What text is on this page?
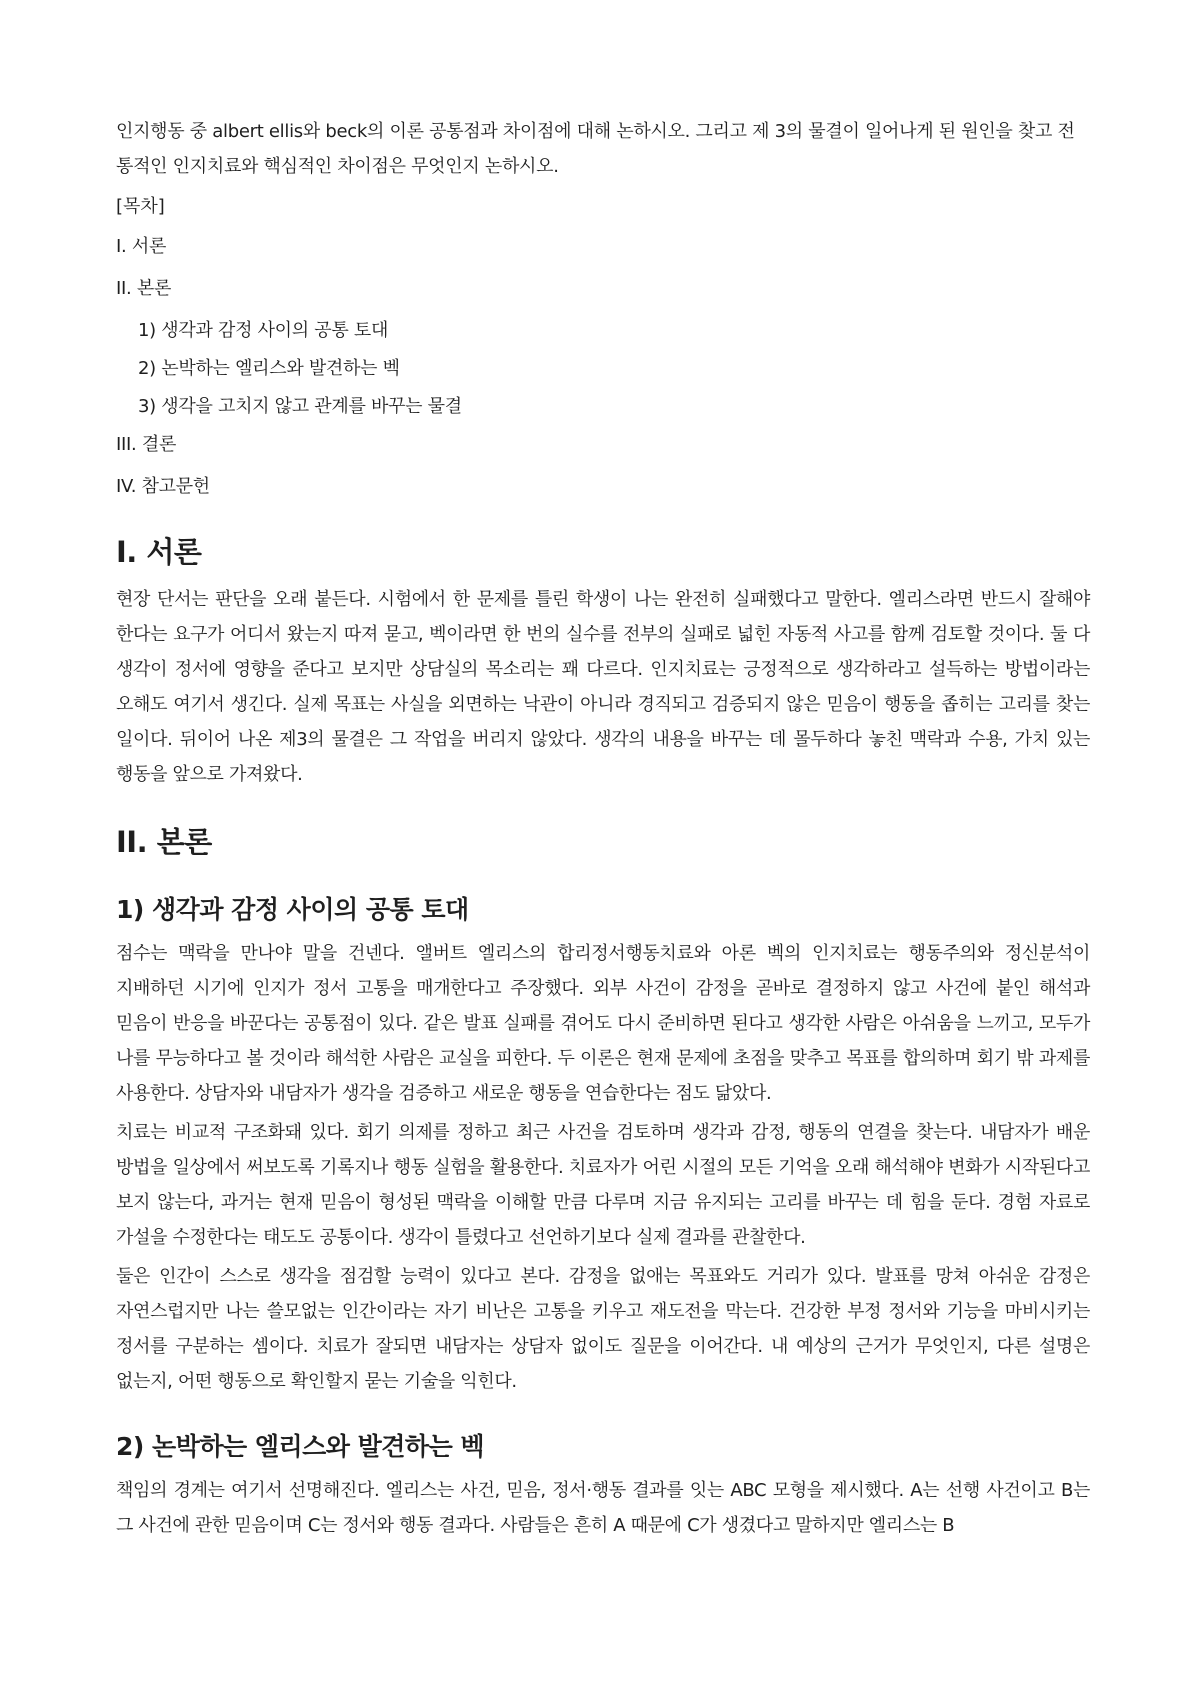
인지행동 중 albert ellis와 beck의 이론 공통점과 차이점에 대해 논하시오. 그리고 제 3의 물결이 일어나게 된 원인을 찾고 전통적인 인지치료와 핵심적인 차이점은 무엇인지 논하시오.

[목차]
I. 서론
II. 본론
1) 생각과 감정 사이의 공통 토대
2) 논박하는 엘리스와 발견하는 벡
3) 생각을 고치지 않고 관계를 바꾸는 물결
III. 결론
IV. 참고문헌
I. 서론

현장 단서는 판단을 오래 붙든다. 시험에서 한 문제를 틀린 학생이 나는 완전히 실패했다고 말한다. 엘리스라면 반드시 잘해야 한다는 요구가 어디서 왔는지 따져 묻고, 벡이라면 한 번의 실수를 전부의 실패로 넓힌 자동적 사고를 함께 검토할 것이다. 둘 다 생각이 정서에 영향을 준다고 보지만 상담실의 목소리는 꽤 다르다. 인지치료는 긍정적으로 생각하라고 설득하는 방법이라는 오해도 여기서 생긴다. 실제 목표는 사실을 외면하는 낙관이 아니라 경직되고 검증되지 않은 믿음이 행동을 좁히는 고리를 찾는 일이다. 뒤이어 나온 제3의 물결은 그 작업을 버리지 않았다. 생각의 내용을 바꾸는 데 몰두하다 놓친 맥락과 수용, 가치 있는 행동을 앞으로 가져왔다.

II. 본론
1) 생각과 감정 사이의 공통 토대

점수는 맥락을 만나야 말을 건넨다. 앨버트 엘리스의 합리정서행동치료와 아론 벡의 인지치료는 행동주의와 정신분석이 지배하던 시기에 인지가 정서 고통을 매개한다고 주장했다. 외부 사건이 감정을 곧바로 결정하지 않고 사건에 붙인 해석과 믿음이 반응을 바꾼다는 공통점이 있다. 같은 발표 실패를 겪어도 다시 준비하면 된다고 생각한 사람은 아쉬움을 느끼고, 모두가 나를 무능하다고 볼 것이라 해석한 사람은 교실을 피한다. 두 이론은 현재 문제에 초점을 맞추고 목표를 합의하며 회기 밖 과제를 사용한다. 상담자와 내담자가 생각을 검증하고 새로운 행동을 연습한다는 점도 닮았다.

치료는 비교적 구조화돼 있다. 회기 의제를 정하고 최근 사건을 검토하며 생각과 감정, 행동의 연결을 찾는다. 내담자가 배운 방법을 일상에서 써보도록 기록지나 행동 실험을 활용한다. 치료자가 어린 시절의 모든 기억을 오래 해석해야 변화가 시작된다고 보지 않는다, 과거는 현재 믿음이 형성된 맥락을 이해할 만큼 다루며 지금 유지되는 고리를 바꾸는 데 힘을 둔다. 경험 자료로 가설을 수정한다는 태도도 공통이다. 생각이 틀렸다고 선언하기보다 실제 결과를 관찰한다.

둘은 인간이 스스로 생각을 점검할 능력이 있다고 본다. 감정을 없애는 목표와도 거리가 있다. 발표를 망쳐 아쉬운 감정은 자연스럽지만 나는 쓸모없는 인간이라는 자기 비난은 고통을 키우고 재도전을 막는다. 건강한 부정 정서와 기능을 마비시키는 정서를 구분하는 셈이다. 치료가 잘되면 내담자는 상담자 없이도 질문을 이어간다. 내 예상의 근거가 무엇인지, 다른 설명은 없는지, 어떤 행동으로 확인할지 묻는 기술을 익힌다.

2) 논박하는 엘리스와 발견하는 벡

책임의 경계는 여기서 선명해진다. 엘리스는 사건, 믿음, 정서·행동 결과를 잇는 ABC 모형을 제시했다. A는 선행 사건이고 B는 그 사건에 관한 믿음이며 C는 정서와 행동 결과다. 사람들은 흔히 A 때문에 C가 생겼다고 말하지만 엘리스는 B
